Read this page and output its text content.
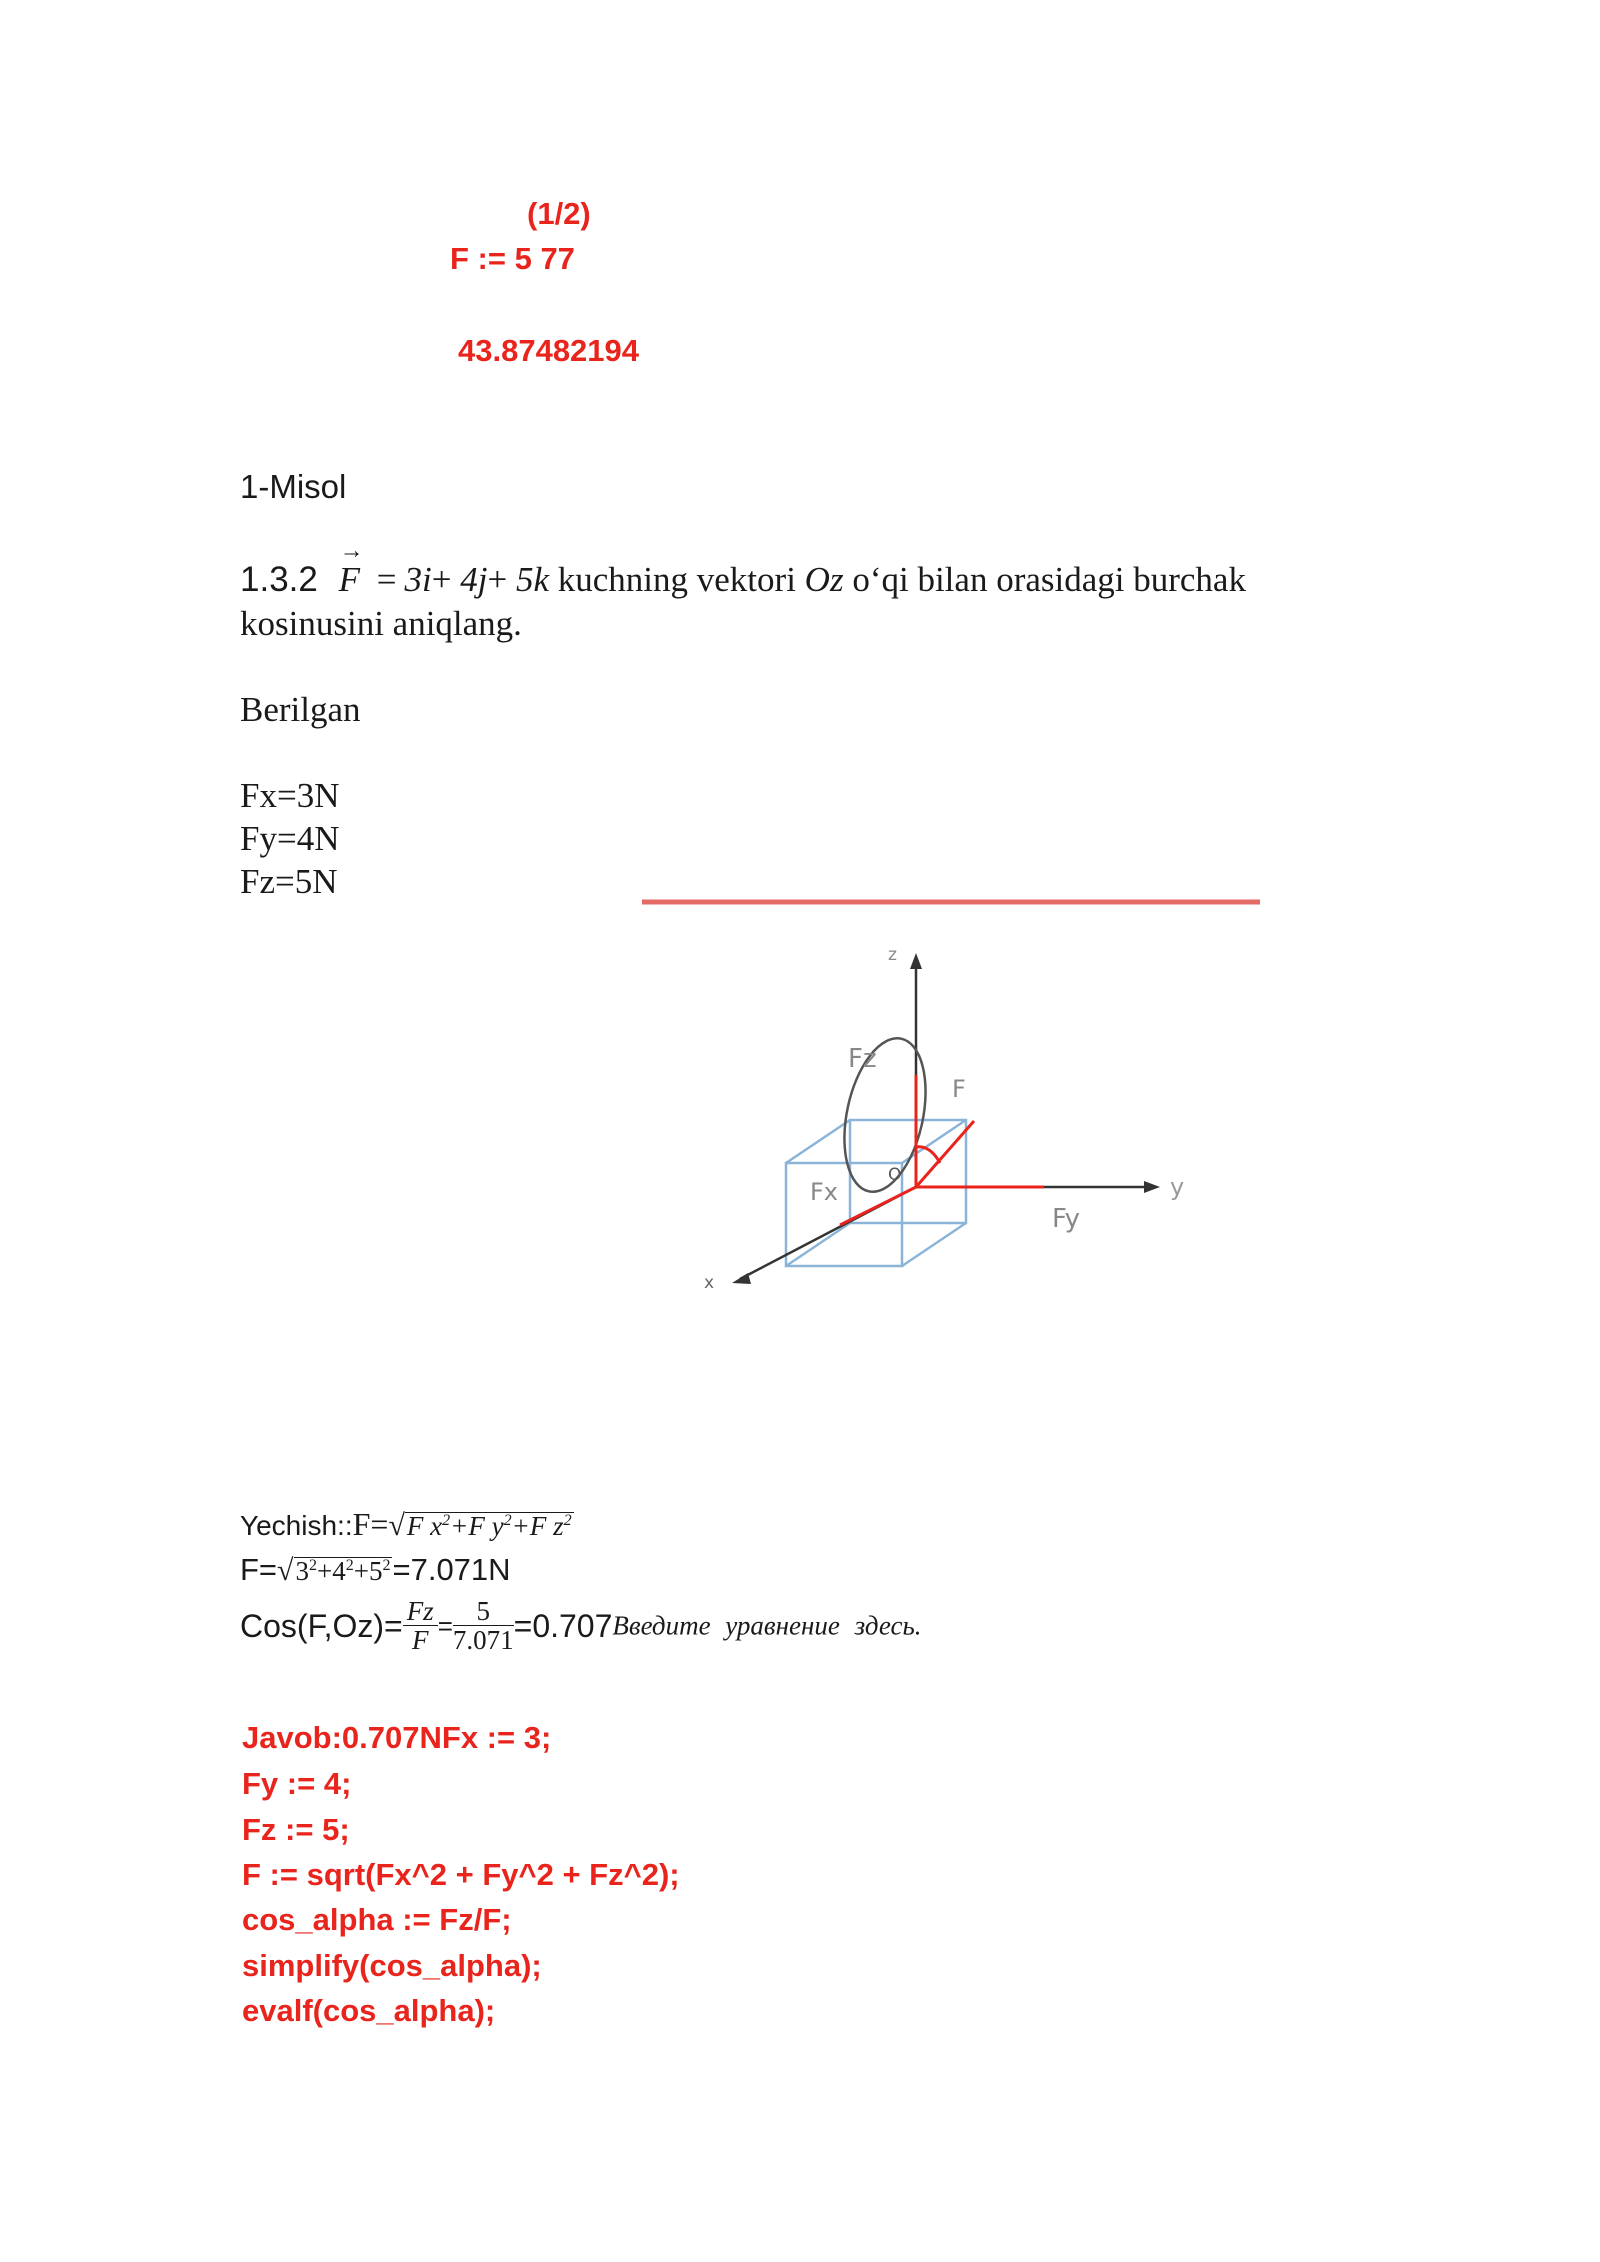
(1/2)
F := 5 77
43.87482194
1-Misol
1.3.2
→
F = 3i+ 4j+ 5k kuchning vektori Oz o‘qi bilan orasidagi burchak
kosinusini aniqlang.
Berilgan
Fx=3N
Fy=4N
Fz=5N
z
y
x
O
Fz
F
Fx
Fy
Yechish::F=√F $x^2+F$ $y^2+F$ $z^2$
$F=√3^2+4^2+5^2=7.071N$
$Cos(F,Oz)= \frac{Fz}{F} = \frac{5}{7.071}$ =0.707Введите уравнение здесь.
Javob:0.707NFx := 3;
Fy := 4;
Fz := 5;
F := sqrt(Fx^2 + Fy^2 + Fz^2);
cos_alpha := Fz/F;
simplify(cos_alpha);
evalf(cos_alpha);
